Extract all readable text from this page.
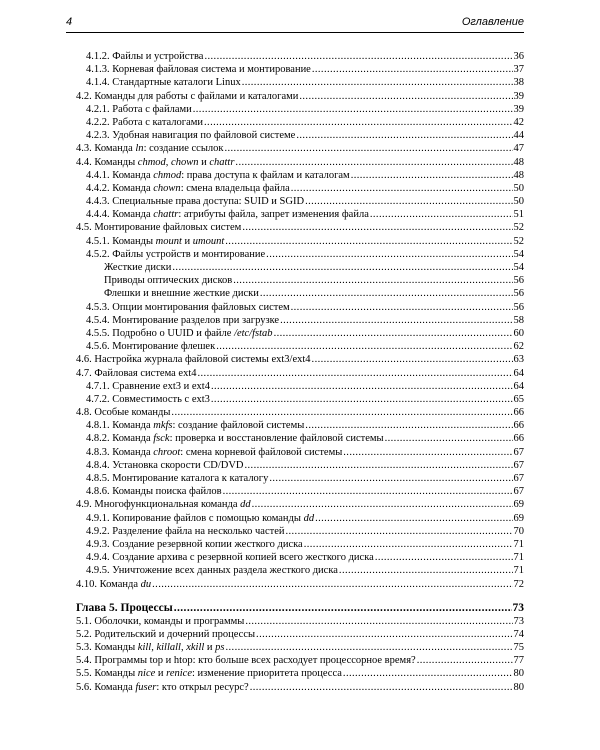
4	Оглавление
4.1.2. Файлы и устройства .....	36
4.1.3. Корневая файловая система и монтирование .....	37
4.1.4. Стандартные каталоги Linux .....	38
4.2. Команды для работы с файлами и каталогами .....	39
4.2.1. Работа с файлами .....	39
4.2.2. Работа с каталогами .....	42
4.2.3. Удобная навигация по файловой системе .....	44
4.3. Команда ln: создание ссылок .....	47
4.4. Команды chmod, chown и chattr .....	48
4.4.1. Команда chmod: права доступа к файлам и каталогам .....	48
4.4.2. Команда chown: смена владельца файла .....	50
4.4.3. Специальные права доступа: SUID и SGID .....	50
4.4.4. Команда chattr: атрибуты файла, запрет изменения файла .....	51
4.5. Монтирование файловых систем .....	52
4.5.1. Команды mount и umount .....	52
4.5.2. Файлы устройств и монтирование .....	54
Жесткие диски .....	54
Приводы оптических дисков .....	56
Флешки и внешние жесткие диски .....	56
4.5.3. Опции монтирования файловых систем .....	56
4.5.4. Монтирование разделов при загрузке .....	58
4.5.5. Подробно о UUID и файле /etc/fstab .....	60
4.5.6. Монтирование флешек .....	62
4.6. Настройка журнала файловой системы ext3/ext4 .....	63
4.7. Файловая система ext4 .....	64
4.7.1. Сравнение ext3 и ext4 .....	64
4.7.2. Совместимость с ext3 .....	65
4.8. Особые команды .....	66
4.8.1. Команда mkfs: создание файловой системы .....	66
4.8.2. Команда fsck: проверка и восстановление файловой системы .....	66
4.8.3. Команда chroot: смена корневой файловой системы .....	67
4.8.4. Установка скорости CD/DVD .....	67
4.8.5. Монтирование каталога к каталогу .....	67
4.8.6. Команды поиска файлов .....	67
4.9. Многофункциональная команда dd .....	69
4.9.1. Копирование файлов с помощью команды dd .....	69
4.9.2. Разделение файла на несколько частей .....	70
4.9.3. Создание резервной копии жесткого диска .....	71
4.9.4. Создание архива с резервной копией всего жесткого диска .....	71
4.9.5. Уничтожение всех данных раздела жесткого диска .....	71
4.10. Команда du .....	72
Глава 5. Процессы .....	73
5.1. Оболочки, команды и программы .....	73
5.2. Родительский и дочерний процессы .....	74
5.3. Команды kill, killall, xkill и ps .....	75
5.4. Программы top и htop: кто больше всех расходует процессорное время? .....	77
5.5. Команды nice и renice: изменение приоритета процесса .....	80
5.6. Команда fuser: кто открыл ресурс? .....	80
